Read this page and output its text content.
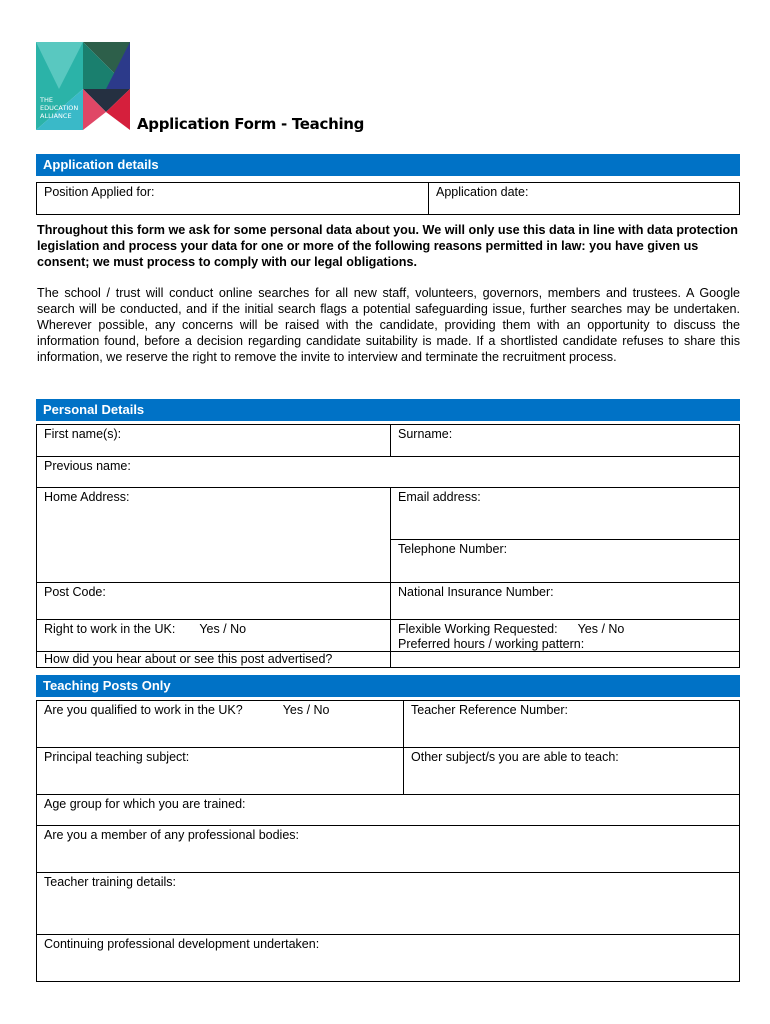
THE
EDUCATION
ALLIANCE	Application Form - Teaching
Application details
Position Applied for:	Application date:
Throughout this form we ask for some personal data about you. We will only use this data in line with data protection legislation and process your data for one or more of the following reasons permitted in law: you have given us consent; we must process to comply with our legal obligations.
The school / trust will conduct online searches for all new staff, volunteers, governors, members and trustees. A Google search will be conducted, and if the initial search flags a potential safeguarding issue, further searches may be undertaken. Wherever possible, any concerns will be raised with the candidate, providing them with an opportunity to discuss the information found, before a decision regarding candidate suitability is made. If a shortlisted candidate refuses to share this information, we reserve the right to remove the invite to interview and terminate the recruitment process.
Personal Details
First name(s):	Surname:
Previous name:
Home Address:	Email address:
Telephone Number:
Post Code:	National Insurance Number:
Right to work in the UK: Yes / No	Flexible Working Requested: Yes / No
Preferred hours / working pattern:
How did you hear about or see this post advertised?
Teaching Posts Only
Are you qualified to work in the UK?	Yes / No	Teacher Reference Number:
Principal teaching subject:	Other subject/s you are able to teach:
Age group for which you are trained:
Are you a member of any professional bodies:
Teacher training details:
Continuing professional development undertaken:
